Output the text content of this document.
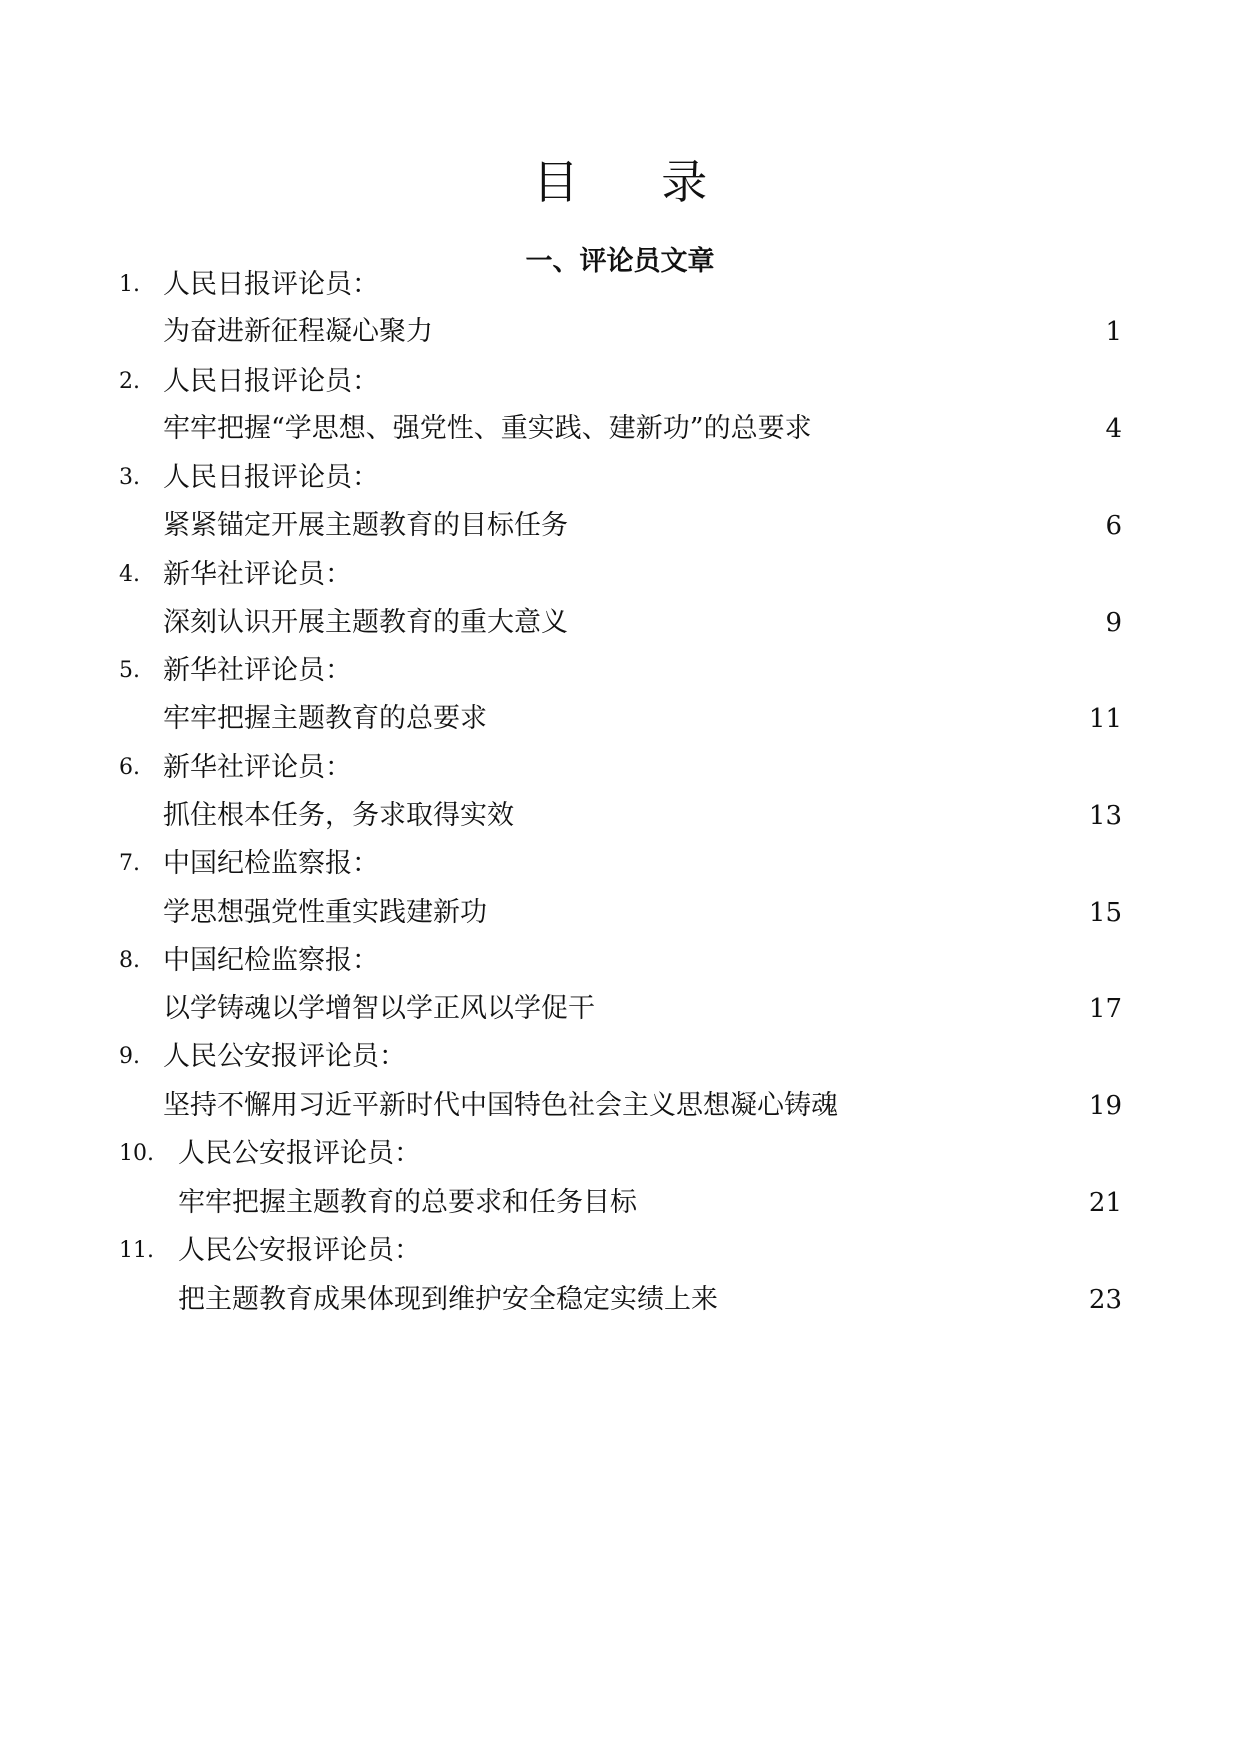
目 录
一、评论员文章
1. 人民日报评论员：
为奋进新征程凝心聚力	1
2. 人民日报评论员：
牢牢把握“学思想、强党性、重实践、建新功”的总要求	4
3. 人民日报评论员：
紧紧锚定开展主题教育的目标任务	6
4. 新华社评论员：
深刻认识开展主题教育的重大意义	9
5. 新华社评论员：
牢牢把握主题教育的总要求	11
6. 新华社评论员：
抓住根本任务，务求取得实效	13
7. 中国纪检监察报：
学思想强党性重实践建新功	15
8. 中国纪检监察报：
以学铸魂以学增智以学正风以学促干	17
9. 人民公安报评论员：
坚持不懈用习近平新时代中国特色社会主义思想凝心铸魂	19
10. 人民公安报评论员：
牢牢把握主题教育的总要求和任务目标	21
11. 人民公安报评论员：
把主题教育成果体现到维护安全稳定实绩上来	23
